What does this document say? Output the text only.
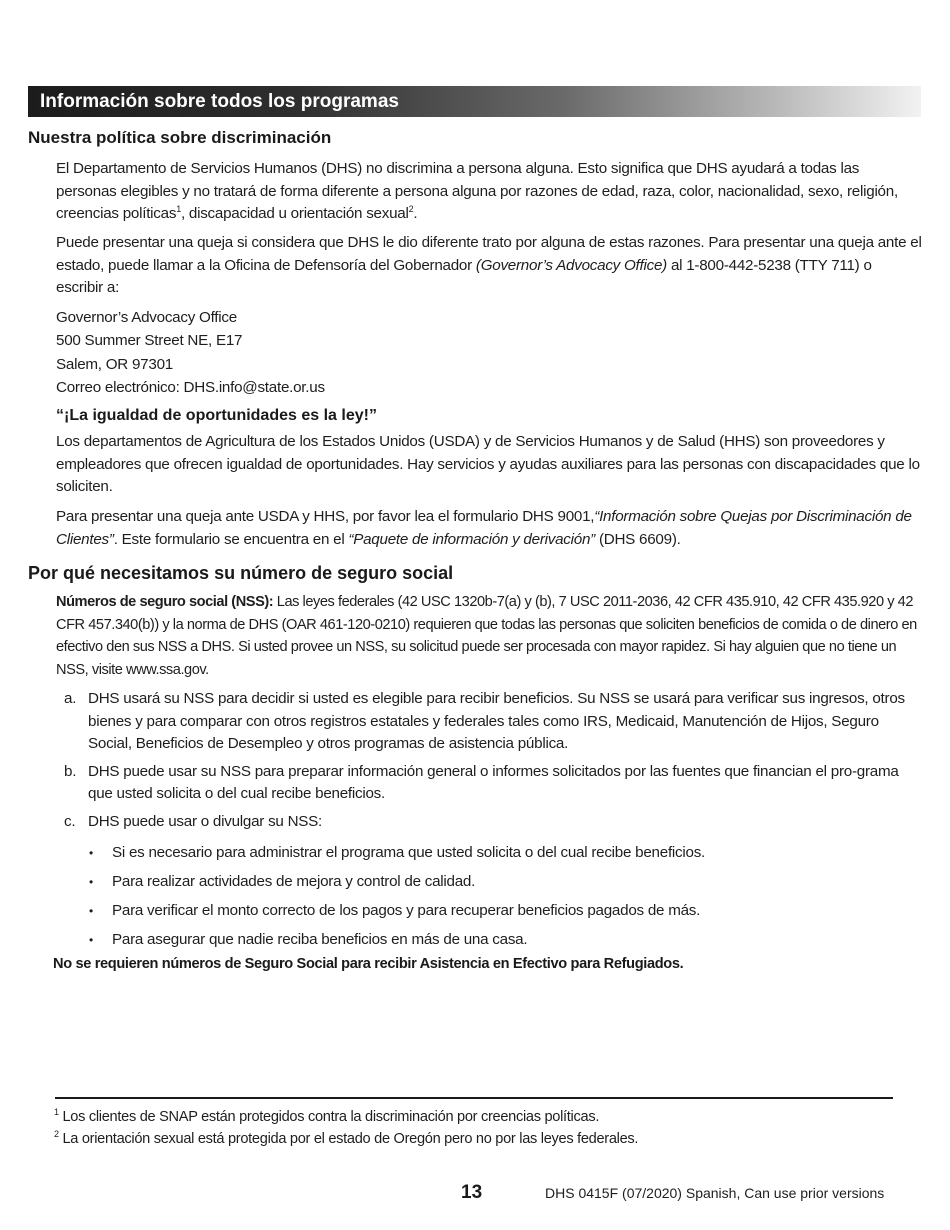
Información sobre todos los programas
Nuestra política sobre discriminación

El Departamento de Servicios Humanos (DHS) no discrimina a persona alguna. Esto significa que DHS ayudará a todas las personas elegibles y no tratará de forma diferente a persona alguna por razones de edad, raza, color, nacionalidad, sexo, religión, creencias políticas$^1$, discapacidad u orientación sexual$^2$.

Puede presentar una queja si considera que DHS le dio diferente trato por alguna de estas razones. Para presentar una queja ante el estado, puede llamar a la Oficina de Defensoría del Gobernador (Governor’s Advocacy Office) al 1-800-442-5238 (TTY 711) o escribir a:

Governor’s Advocacy Office
500 Summer Street NE, E17
Salem, OR 97301
Correo electrónico: DHS.info@state.or.us
“¡La igualdad de oportunidades es la ley!”

Los departamentos de Agricultura de los Estados Unidos (USDA) y de Servicios Humanos y de Salud (HHS) son proveedores y empleadores que ofrecen igualdad de oportunidades. Hay servicios y ayudas auxiliares para las personas con discapacidades que lo soliciten.

Para presentar una queja ante USDA y HHS, por favor lea el formulario DHS 9001,“Información sobre Quejas por Discriminación de Clientes”. Este formulario se encuentra en el “Paquete de información y derivación” (DHS 6609).

Por qué necesitamos su número de seguro social

Números de seguro social (NSS): Las leyes federales (42 USC 1320b-7(a) y (b), 7 USC 2011-2036, 42 CFR 435.910, 42 CFR 435.920 y 42 CFR 457.340(b)) y la norma de DHS (OAR 461-120-0210) requieren que todas las personas que soliciten beneficios de comida o de dinero en efectivo den sus NSS a DHS. Si usted provee un NSS, su solicitud puede ser procesada con mayor rapidez. Si hay alguien que no tiene un NSS, visite www.ssa.gov.

a. DHS usará su NSS para decidir si usted es elegible para recibir beneficios. Su NSS se usará para verificar sus ingresos, otros bienes y para comparar con otros registros estatales y federales tales como IRS, Medicaid, Manutención de Hijos, Seguro Social, Beneficios de Desempleo y otros programas de asistencia pública.
b. DHS puede usar su NSS para preparar información general o informes solicitados por las fuentes que financian el pro-grama que usted solicita o del cual recibe beneficios.
c. DHS puede usar o divulgar su NSS:
• Si es necesario para administrar el programa que usted solicita o del cual recibe beneficios.
• Para realizar actividades de mejora y control de calidad.
• Para verificar el monto correcto de los pagos y para recuperar beneficios pagados de más.
• Para asegurar que nadie reciba beneficios en más de una casa.
No se requieren números de Seguro Social para recibir Asistencia en Efectivo para Refugiados.
$^1$ Los clientes de SNAP están protegidos contra la discriminación por creencias políticas.
$^2$ La orientación sexual está protegida por el estado de Oregón pero no por las leyes federales.
13	DHS 0415F (07/2020) Spanish, Can use prior versions
